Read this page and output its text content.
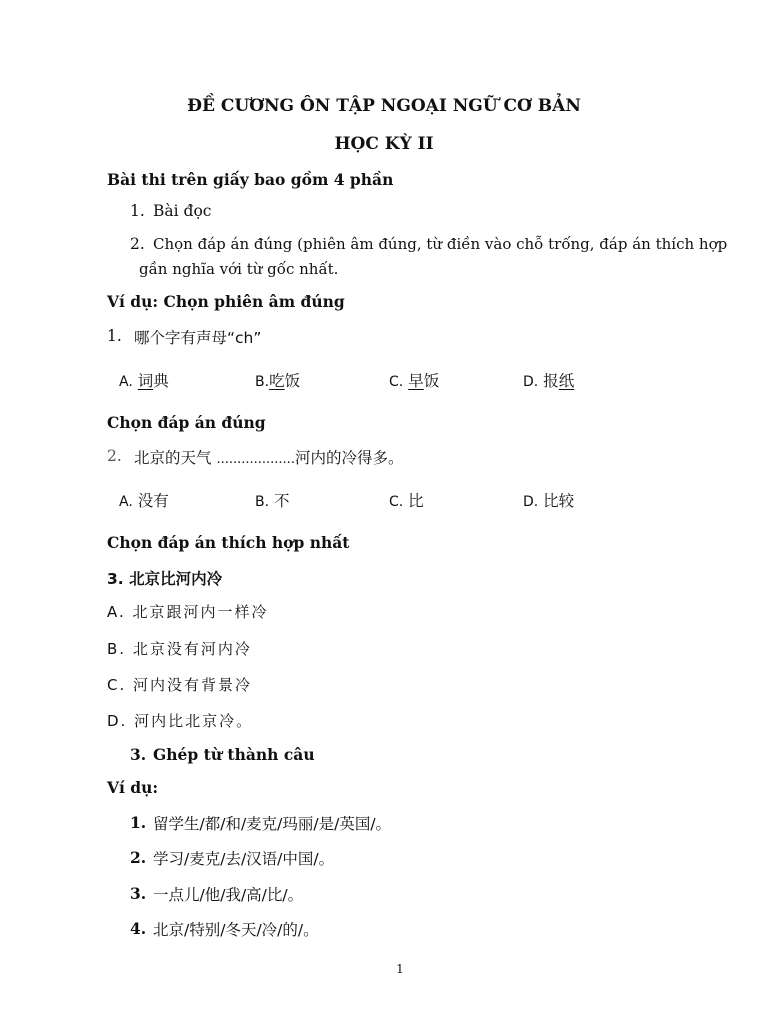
ĐỀ CƯƠNG ÔN TẬP NGOẠI NGỮ CƠ BẢN
HỌC KỲ II
Bài thi trên giấy bao gồm 4 phần
1. Bài đọc
2. Chọn đáp án đúng (phiên âm đúng, từ điền vào chỗ trống, đáp án thích hợp
gần nghĩa với từ gốc nhất.
Ví dụ: Chọn phiên âm đúng
1. 哪个字有声母“ch”
A. 词典	B.吃饭	C. 早饭	D. 报纸
Chọn đáp án đúng
2. 北京的天气 ...................河内的冷得多。
A. 没有	B. 不	C. 比	D. 比较
Chọn đáp án thích hợp nhất
3. 北京比河内冷
A. 北京跟河内一样冷
B. 北京没有河内冷
C. 河内没有背景冷
D. 河内比北京冷。
3. Ghép từ thành câu
Ví dụ:
1. 留学生/都/和/麦克/玛丽/是/英国/。
2. 学习/麦克/去/汉语/中国/。
3. 一点儿/他/我/高/比/。
4. 北京/特别/冬天/冷/的/。
1
